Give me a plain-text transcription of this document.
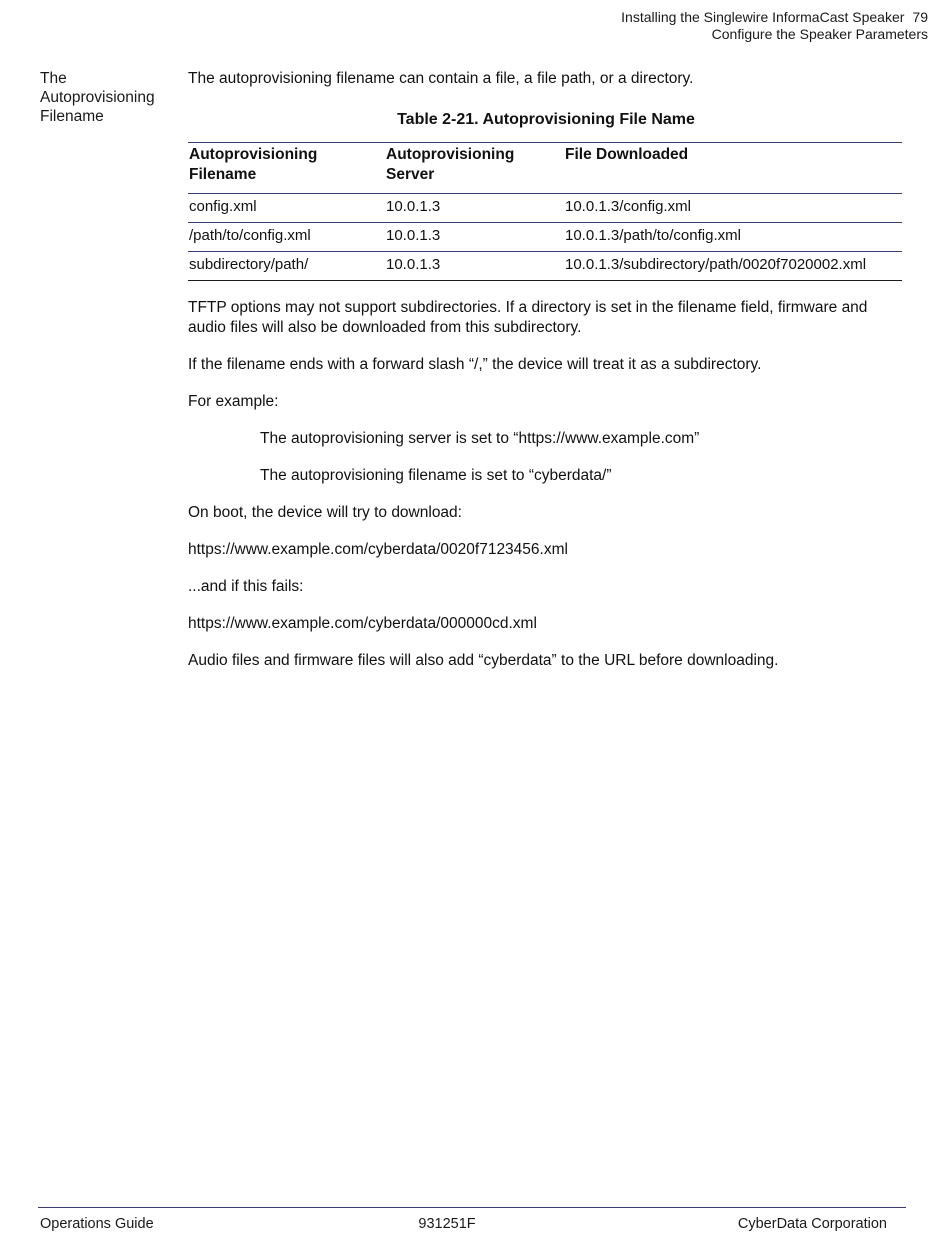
Installing the Singlewire InformaCast Speaker 79
Configure the Speaker Parameters
The Autoprovisioning Filename

The autoprovisioning filename can contain a file, a file path, or a directory.

Table 2-21. Autoprovisioning File Name
Autoprovisioning Filename	Autoprovisioning Server	File Downloaded
config.xml	10.0.1.3	10.0.1.3/config.xml
/path/to/config.xml	10.0.1.3	10.0.1.3/path/to/config.xml
subdirectory/path/	10.0.1.3	10.0.1.3/subdirectory/path/0020f7020002.xml

TFTP options may not support subdirectories. If a directory is set in the filename field, firmware and audio files will also be downloaded from this subdirectory.

If the filename ends with a forward slash “/,” the device will treat it as a subdirectory.

For example:

The autoprovisioning server is set to “https://www.example.com”

The autoprovisioning filename is set to “cyberdata/”

On boot, the device will try to download:

https://www.example.com/cyberdata/0020f7123456.xml

...and if this fails:

https://www.example.com/cyberdata/000000cd.xml

Audio files and firmware files will also add “cyberdata” to the URL before downloading.

Operations Guide	931251F	CyberData Corporation
